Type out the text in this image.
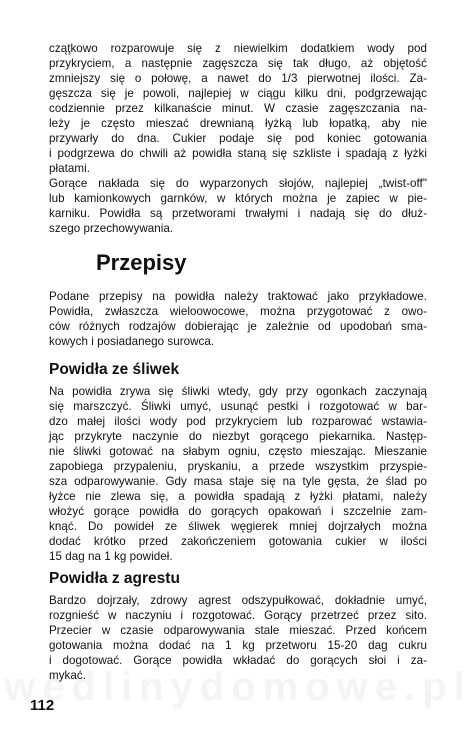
cząţkowo rozparowuje się z niewielkim dodatkiem wody pod
przykryciem, a następnie zagęszcza się tak długo, aż objętość
zmniejszy się o połowę, a nawet do 1/3 pierwotnej ilości. Za-
gęszcza się je powoli, najlepiej w ciągu kilku dni, podgrzewając
codziennie przez kilkanaście minut. W czasie zagęszczania na-
leży je często mieszać drewnianą łyżką lub łopatką, aby nie
przywarły do dna. Cukier podaje się pod koniec gotowania
i podgrzewa do chwili aż powidła staną się szkliste i spadają z łyżki
płatami.
Gorące nakłada się do wyparzonych słojów, najlepiej „twist-off"
lub kamionkowych garnków, w których można je zapiec w pie-
karniku. Powidła są przetworami trwałymi i nadają się do dłuż-
szego przechowywania.
Przepisy
Podane przepisy na powidła należy traktować jako przykładowe.
Powidła, zwłaszcza wieloowocowe, można przygotować z owo-
ców różnych rodzajów dobierając je zależnie od upodobań sma-
kowych i posiadanego surowca.
Powidła ze śliwek
Na powidła zrywa się śliwki wtedy, gdy przy ogonkach zaczynają
się marszczyć. Śliwki umyć, usunąć pestki i rozgotować w bar-
dzo małej ilości wody pod przykryciem lub rozparować wstawia-
jąc przykryte naczynie do niezbyt gorącego piekarnika. Następ-
nie śliwki gotować na słabym ogniu, często mieszając. Mieszanie
zapobiega przypaleniu, pryskaniu, a przede wszystkim przyspie-
sza odparowywanie. Gdy masa staje się na tyle gęsta, że ślad po
łyżce nie zlewa się, a powidła spadają z łyżki płatami, należy
włożyć gorące powidła do gorących opakowań i szczelnie zam-
knąć. Do powideł ze śliwek węgierek mniej dojrzałych można
dodać krótko przed zakończeniem gotowania cukier w ilości
15 dag na 1 kg powideł.
Powidła z agrestu
Bardzo dojrzały, zdrowy agrest odszypułkować, dokładnie umyć,
rozgnieść w naczyniu i rozgotować. Gorący przetrzeć przez sito.
Przecier w czasie odparowywania stale mieszać. Przed końcem
gotowania można dodać na 1 kg przetworu 15-20 dag cukru
i dogotować. Gorące powidła wkładać do gorących słoi i za-
mykać.
112
